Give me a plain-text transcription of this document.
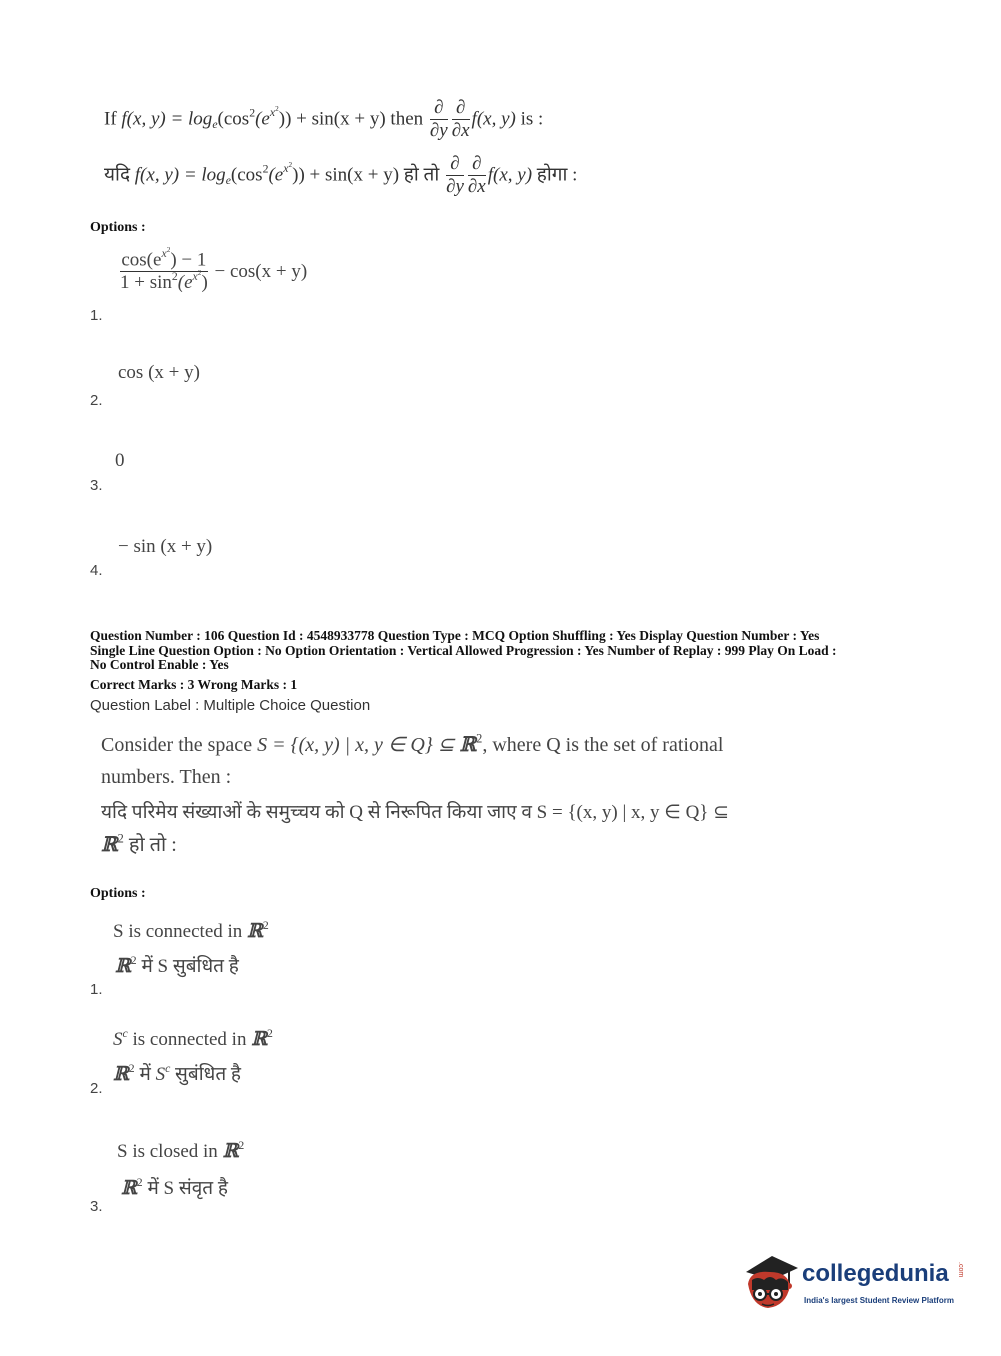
If f(x, $y) = \log_e(\cos^2(e^{x^2})) + \sin(x + y)$ then $\frac{\partial}{\partial y} \frac{\partial}{\partial x} f(x$, y) is :
यदि f(x, $y) = \log_e(\cos^2(e^{x^2})) + \sin(x + y)$ हो तो $\frac{\partial}{\partial y} \frac{\partial}{\partial x} f(x$, y) होगा :
Options :
$\frac{\cos(e^{x^2}) - 1}{1 + \sin^2(e^{x^2})} - \cos(x + y)$
1.
cos (x + y)
2.
0
3.
− sin (x + y)
4.
Question Number : 106 Question Id : 4548933778 Question Type : MCQ Option Shuffling : Yes Display Question Number : Yes
Single Line Question Option : No Option Orientation : Vertical Allowed Progression : Yes Number of Replay : 999 Play On Load :
No Control Enable : Yes
Correct Marks : 3 Wrong Marks : 1
Question Label : Multiple Choice Question
Consider the space S = {(x, y) | x, y ∈ Q} ⊆ ℝ$^2$, where Q is the set of rational
numbers. Then :
यदि परिमेय संख्याओं के समुच्चय को Q से निरूपित किया जाए व S = {(x, y) | x, y ∈ Q} ⊆
ℝ$^2$ हो तो :
Options :
S is connected in ℝ$^2$
ℝ$^2$ में S सुबंधित है
1.
$S^c$ is connected in ℝ$^2$
ℝ$^2$ में $S^c$ सुबंधित है
2.
S is closed in ℝ$^2$
ℝ$^2$ में S संवृत है
3.
collegedunia .com
India's largest Student Review Platform
